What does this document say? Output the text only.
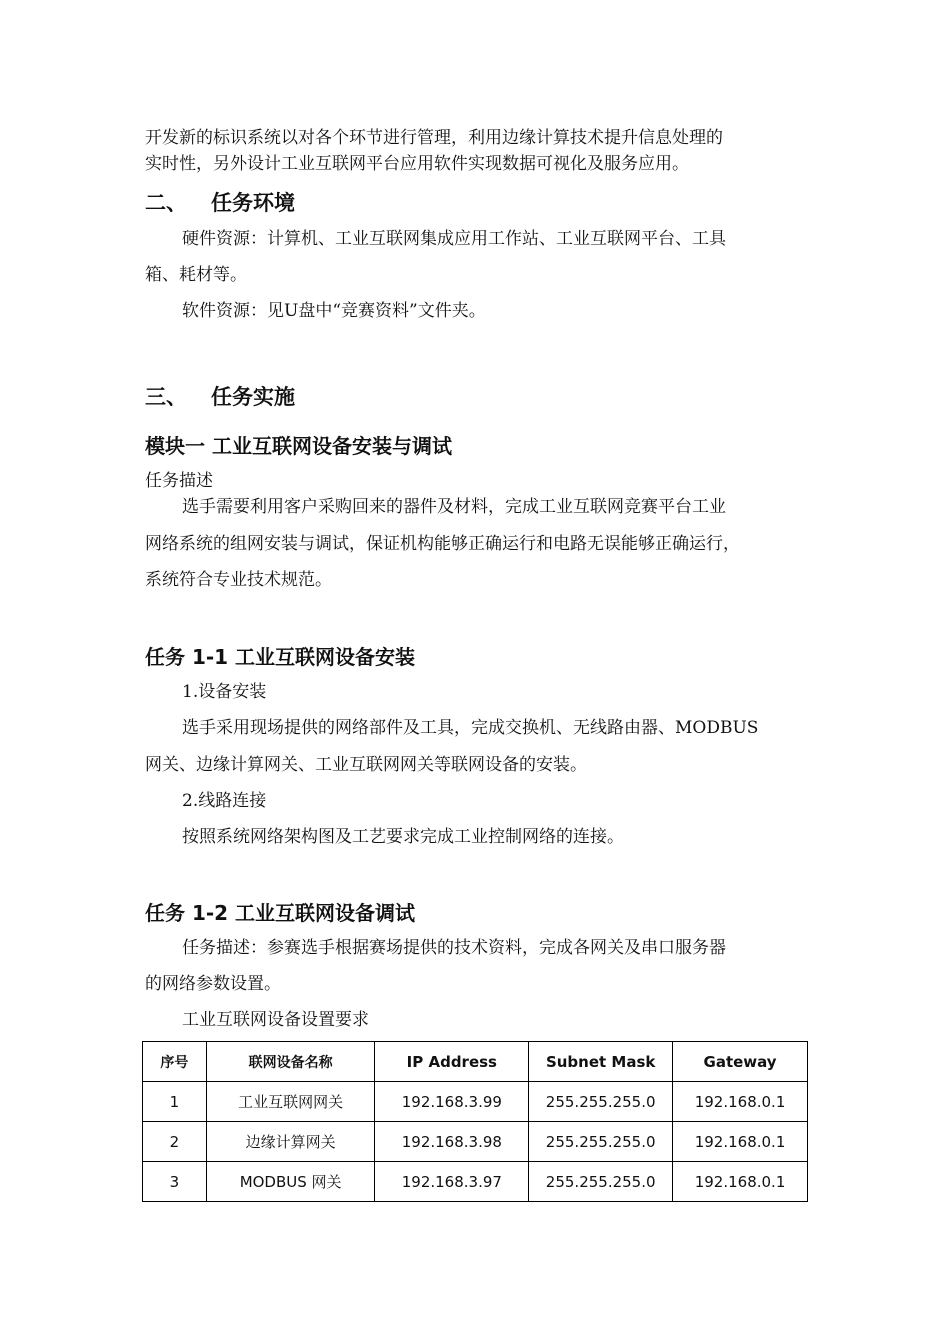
开发新的标识系统以对各个环节进行管理，利用边缘计算技术提升信息处理的

实时性，另外设计工业互联网平台应用软件实现数据可视化及服务应用。

二、 任务环境

硬件资源：计算机、工业互联网集成应用工作站、工业互联网平台、工具

箱、耗材等。

软件资源：见U盘中“竞赛资料”文件夹。

三、 任务实施
模块一 工业互联网设备安装与调试

任务描述

选手需要利用客户采购回来的器件及材料，完成工业互联网竞赛平台工业

网络系统的组网安装与调试，保证机构能够正确运行和电路无误能够正确运行，

系统符合专业技术规范。

任务 1-1 工业互联网设备安装

1.设备安装

选手采用现场提供的网络部件及工具，完成交换机、无线路由器、MODBUS

网关、边缘计算网关、工业互联网网关等联网设备的安装。

2.线路连接

按照系统网络架构图及工艺要求完成工业控制网络的连接。

任务 1-2 工业互联网设备调试

任务描述：参赛选手根据赛场提供的技术资料，完成各网关及串口服务器

的网络参数设置。

工业互联网设备设置要求

序号	联网设备名称	IP Address	Subnet Mask	Gateway
1	工业互联网网关	192.168.3.99	255.255.255.0	192.168.0.1
2	边缘计算网关	192.168.3.98	255.255.255.0	192.168.0.1
3	MODBUS 网关	192.168.3.97	255.255.255.0	192.168.0.1
